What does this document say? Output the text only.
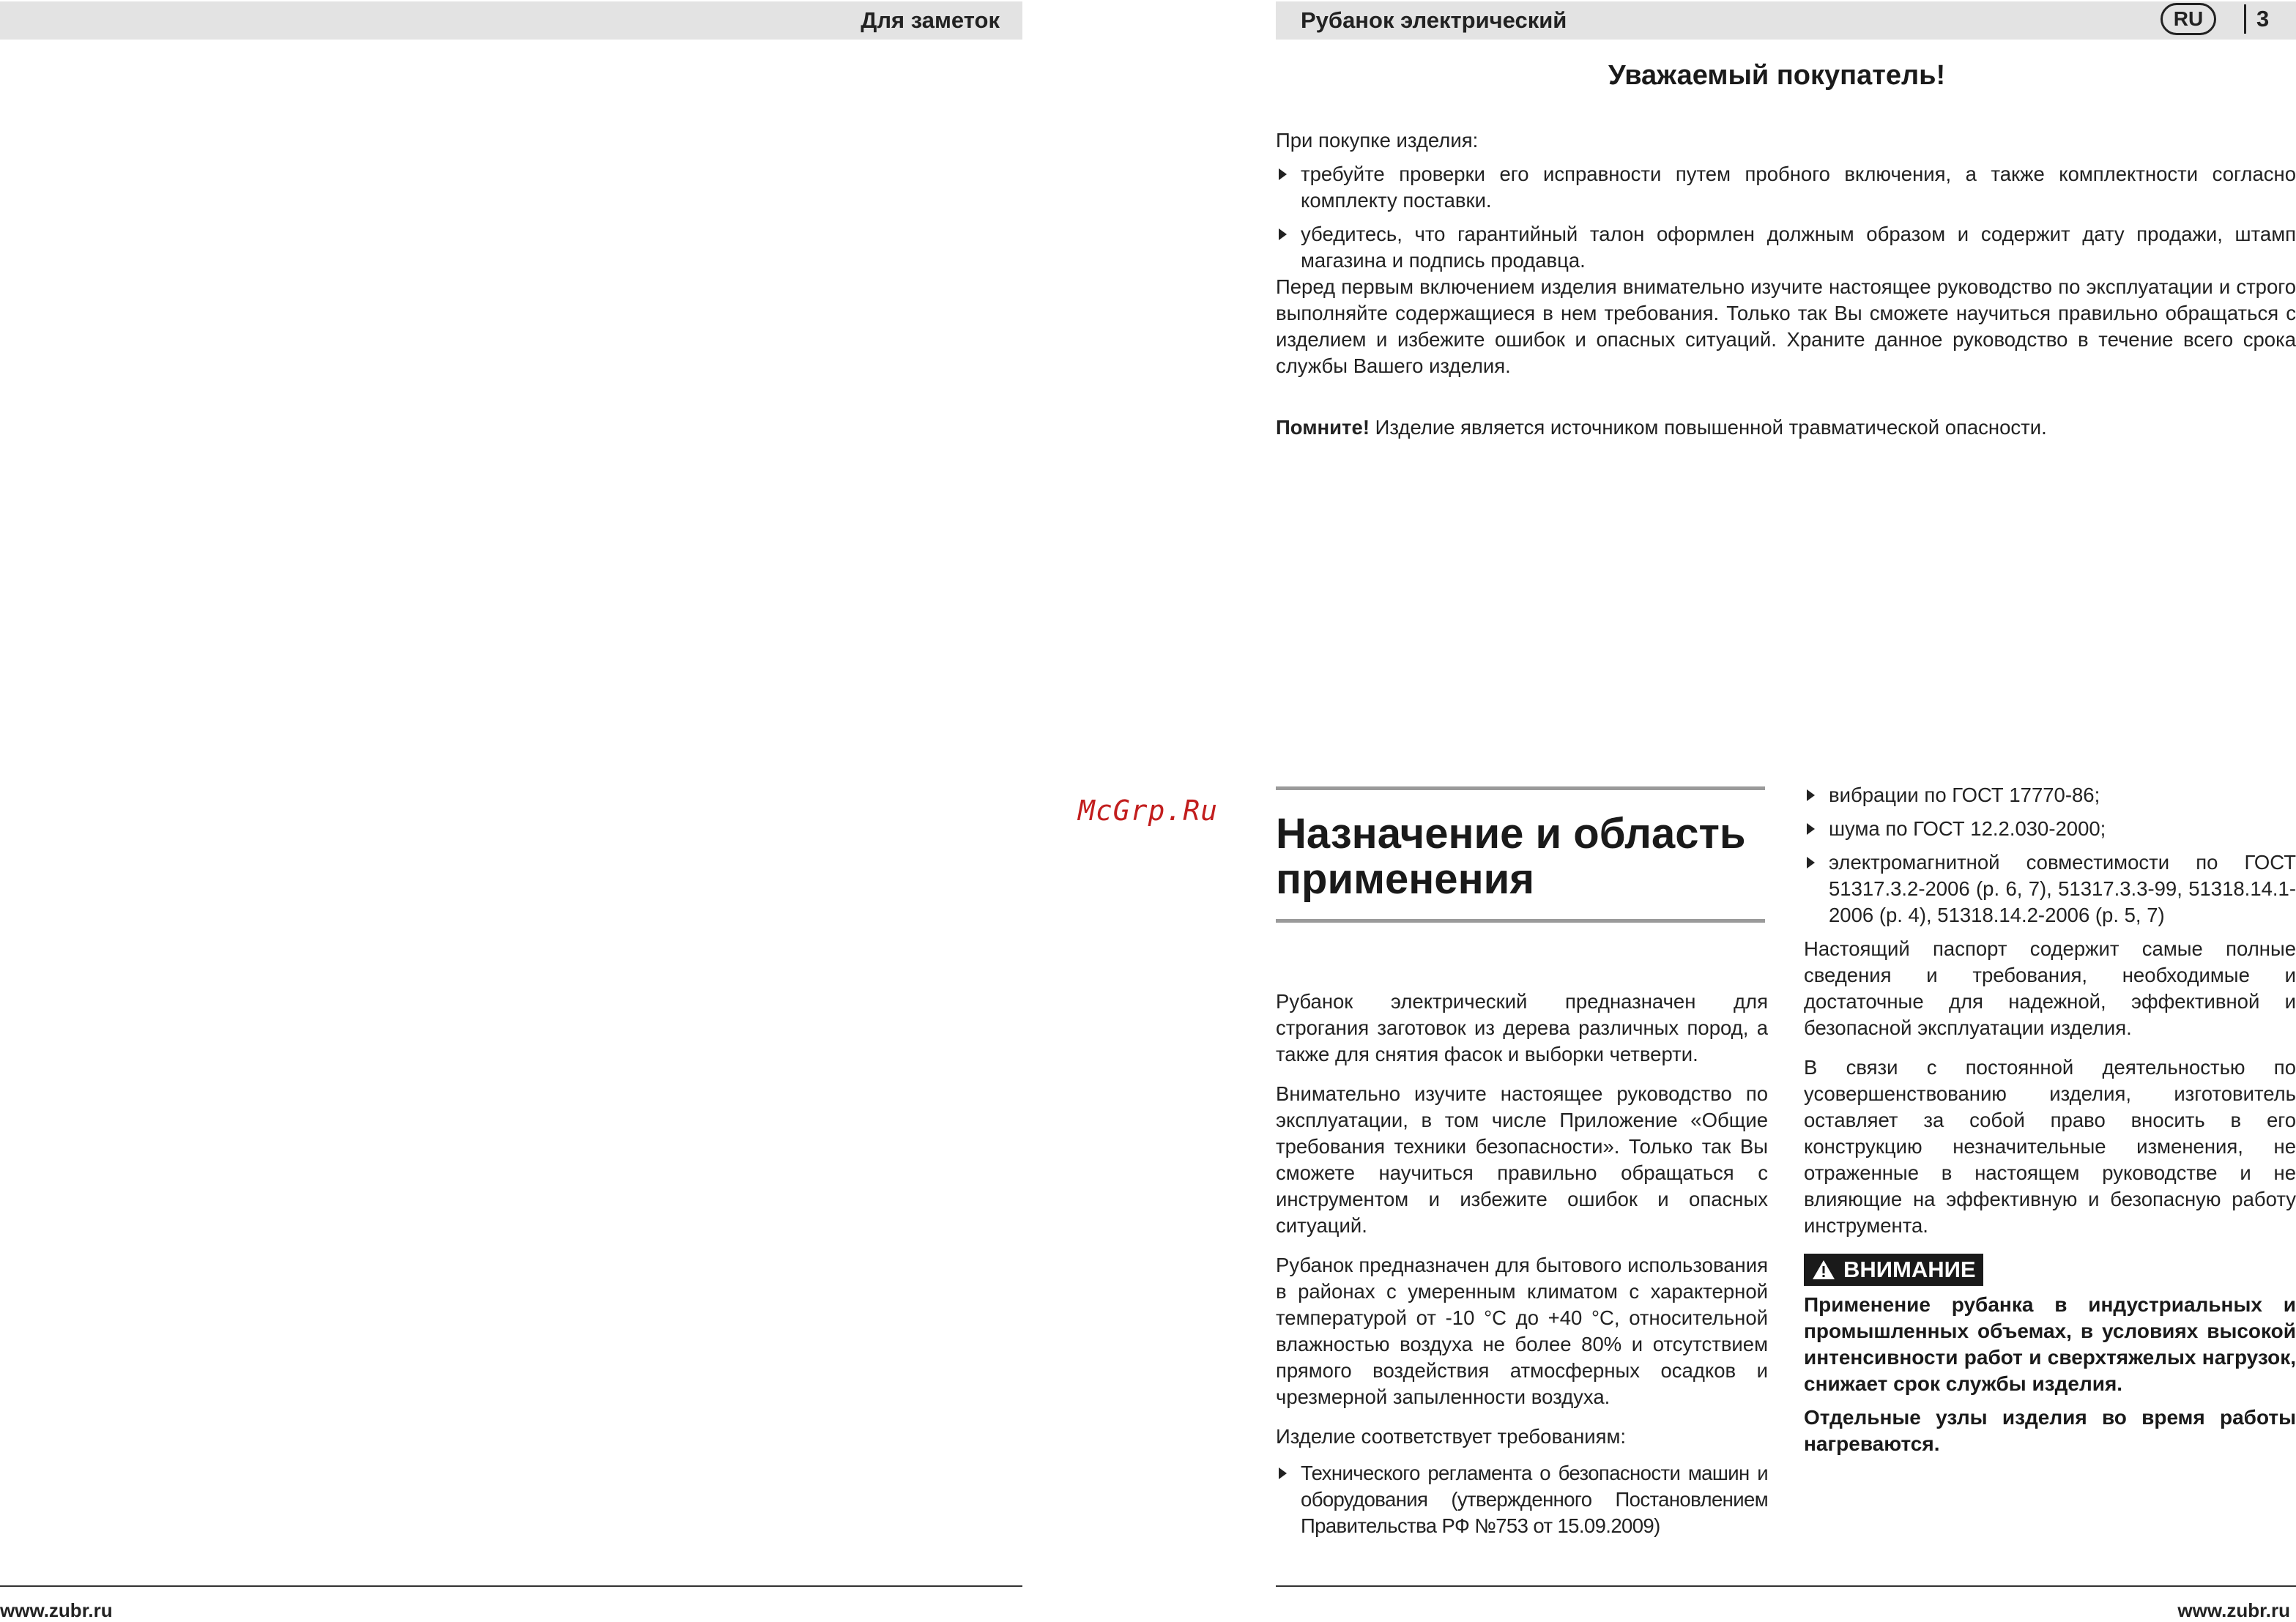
Для заметок
www.zubr.ru
McGrp.Ru
Рубанок электрический	RU	3
Уважаемый покупатель!
При покупке изделия:
требуйте проверки его исправности путем пробного включения, а также комплектности согласно комплекту поставки.
убедитесь, что гарантийный талон оформлен должным образом и содержит дату продажи, штамп магазина и подпись продавца.
Перед первым включением изделия внимательно изучите настоящее руководство по эксплуатации и строго выполняйте содержащиеся в нем требования. Только так Вы сможете научиться правильно обращаться с изделием и избежите ошибок и опасных ситуаций. Храните данное руководство в течение всего срока службы Вашего изделия.
Помните! Изделие является источником повышенной травматической опасности.
Назначение и область применения
Рубанок электрический предназначен для строгания заготовок из дерева различных пород, а также для снятия фасок и выборки четверти.
Внимательно изучите настоящее руководство по эксплуатации, в том числе Приложение «Общие требования техники безопасности». Только так Вы сможете научиться правильно обращаться с инструментом и избежите ошибок и опасных ситуаций.
Рубанок предназначен для бытового использования в районах с умеренным климатом с характерной температурой от -10 °С до +40 °С, относительной влажностью воздуха не более 80% и отсутствием прямого воздействия атмосферных осадков и чрезмерной запыленности воздуха.
Изделие соответствует требованиям:
Технического регламента о безопасности машин и оборудования (утвержденного Постановлением Правительства РФ №753 от 15.09.2009)
вибрации по ГОСТ 17770-86;
шума по ГОСТ 12.2.030-2000;
электромагнитной совместимости по ГОСТ 51317.3.2-2006 (р. 6, 7), 51317.3.3-99, 51318.14.1-2006 (р. 4), 51318.14.2-2006 (р. 5, 7)
Настоящий паспорт содержит самые полные сведения и требования, необходимые и достаточные для надежной, эффективной и безопасной эксплуатации изделия.
В связи с постоянной деятельностью по усовершенствованию изделия, изготовитель оставляет за собой право вносить в его конструкцию незначительные изменения, не отраженные в настоящем руководстве и не влияющие на эффективную и безопасную работу инструмента.
ВНИМАНИЕ
Применение рубанка в индустриальных и промышленных объемах, в условиях высокой интенсивности работ и сверхтяжелых нагрузок, снижает срок службы изделия.
Отдельные узлы изделия во время работы нагреваются.
www.zubr.ru
